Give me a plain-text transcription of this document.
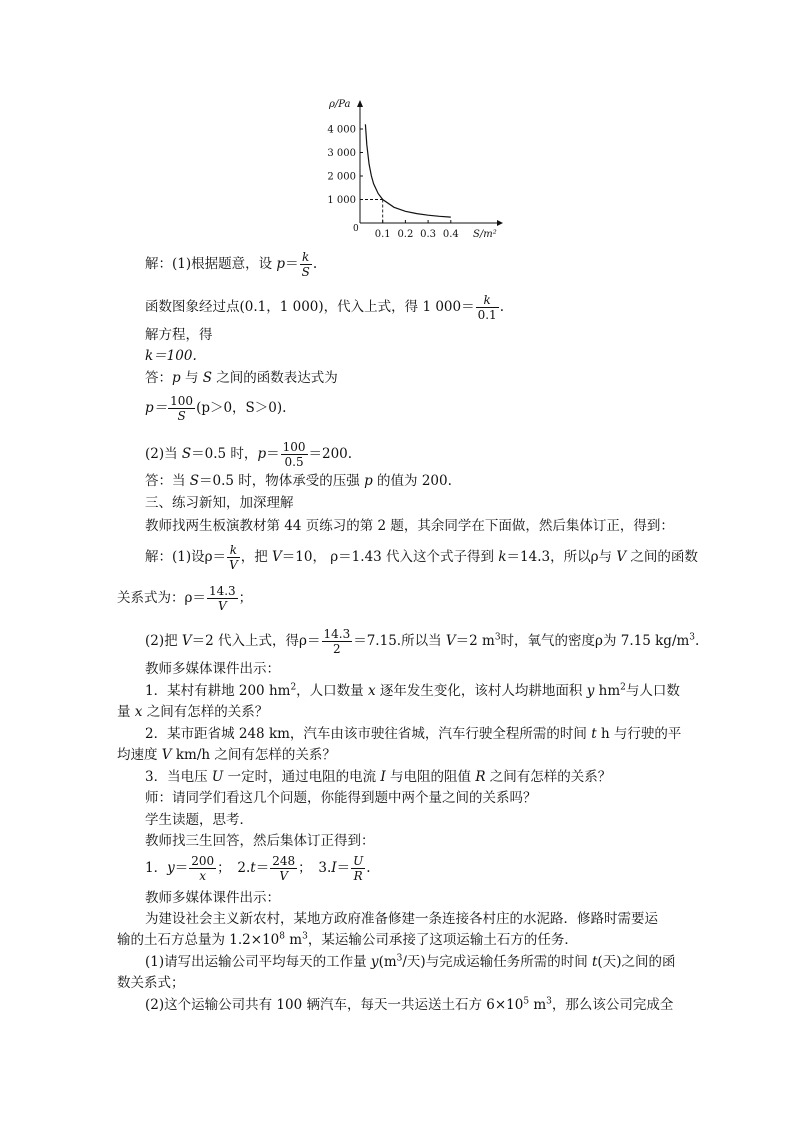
ρ/Pa
S/m²
0
1 000
2 000
3 000
4 000
0.1 0.2 0.3 0.4
解：(1)根据题意，设 $p= \frac{k}{S}$ .
函数图象经过点(0.1，1 000)，代入上式，得 1 $000= \frac{k}{0.1}$ .
解方程，得
k＝100.
答：p 与 S 之间的函数表达式为
$p= \frac{100}{S} (p>0$，S＞0).
(2)当 S＝0.5 时，$p= \frac{100}{0.5} =200$.
答：当 S＝0.5 时，物体承受的压强 p 的值为 200.
三、练习新知，加深理解
教师找两生板演教材第 44 页练习的第 2 题，其余同学在下面做，然后集体订正，得到：
解：(1)设$\rho= \frac{k}{V}$ ，把 V＝10， ρ＝1.43 代入这个式子得到 k＝14.3，所以ρ与 V 之间的函数
关系式为：$\rho= \frac{14.3}{V}$ ；
(2)把 V＝2 代入上式，得$\rho= \frac{14.3}{2} =7.15$.所以当 V＝2 $m^3$时，氧气的密度ρ为 7.15 $kg/m^3$.
教师多媒体课件出示：
1．某村有耕地 200 $hm^2$，人口数量 x 逐年发生变化，该村人均耕地面积 y $hm^2$与人口数
量 x 之间有怎样的关系？
2．某市距省城 248 km，汽车由该市驶往省城，汽车行驶全程所需的时间 t h 与行驶的平
均速度 V km/h 之间有怎样的关系？
3．当电压 U 一定时，通过电阻的电流 I 与电阻的阻值 R 之间有怎样的关系？
师：请同学们看这几个问题，你能得到题中两个量之间的关系吗？
学生读题，思考．
教师找三生回答，然后集体订正得到：
1．$y= \frac{200}{x}$ ；　$2.t= \frac{248}{V}$ ；　$3.I= \frac{U}{R}$ .
教师多媒体课件出示：
为建设社会主义新农村，某地方政府准备修建一条连接各村庄的水泥路．修路时需要运
输的土石方总量为 $1.2\times 10^8$ $m^3$，某运输公司承接了这项运输土石方的任务．
(1)请写出运输公司平均每天的工作量 $y(m^3/$天)与完成运输任务所需的时间 t(天)之间的函
数关系式；
(2)这个运输公司共有 100 辆汽车，每天一共运送土石方 $6\times 10^5$ $m^3$，那么该公司完成全
